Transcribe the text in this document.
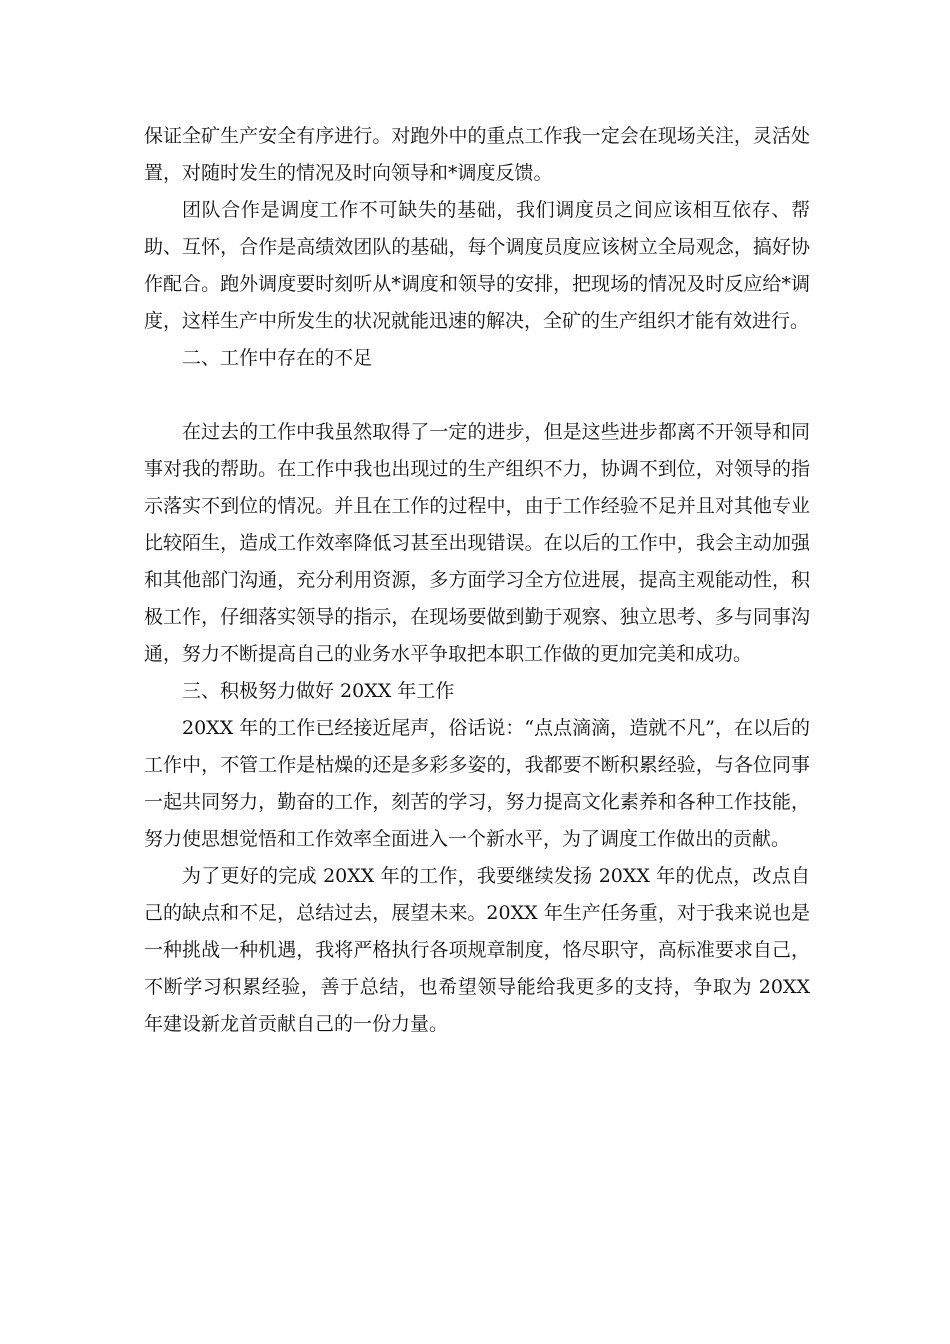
保证全矿生产安全有序进行。对跑外中的重点工作我一定会在现场关注，灵活处置，对随时发生的情况及时向领导和*调度反馈。

团队合作是调度工作不可缺失的基础，我们调度员之间应该相互依存、帮助、互怀，合作是高绩效团队的基础，每个调度员度应该树立全局观念，搞好协作配合。跑外调度要时刻听从*调度和领导的安排，把现场的情况及时反应给*调度，这样生产中所发生的状况就能迅速的解决，全矿的生产组织才能有效进行。

二、工作中存在的不足

在过去的工作中我虽然取得了一定的进步，但是这些进步都离不开领导和同事对我的帮助。在工作中我也出现过的生产组织不力，协调不到位，对领导的指示落实不到位的情况。并且在工作的过程中，由于工作经验不足并且对其他专业比较陌生，造成工作效率降低习甚至出现错误。在以后的工作中，我会主动加强和其他部门沟通，充分利用资源，多方面学习全方位进展，提高主观能动性，积极工作，仔细落实领导的指示，在现场要做到勤于观察、独立思考、多与同事沟通，努力不断提高自己的业务水平争取把本职工作做的更加完美和成功。

三、积极努力做好 20XX 年工作

20XX 年的工作已经接近尾声，俗话说：“点点滴滴，造就不凡”，在以后的工作中，不管工作是枯燥的还是多彩多姿的，我都要不断积累经验，与各位同事一起共同努力，勤奋的工作，刻苦的学习，努力提高文化素养和各种工作技能，努力使思想觉悟和工作效率全面进入一个新水平，为了调度工作做出的贡献。

为了更好的完成 20XX 年的工作，我要继续发扬 20XX 年的优点，改点自己的缺点和不足，总结过去，展望未来。20XX 年生产任务重，对于我来说也是一种挑战一种机遇，我将严格执行各项规章制度，恪尽职守，高标准要求自己，不断学习积累经验，善于总结，也希望领导能给我更多的支持，争取为 20XX 年建设新龙首贡献自己的一份力量。
